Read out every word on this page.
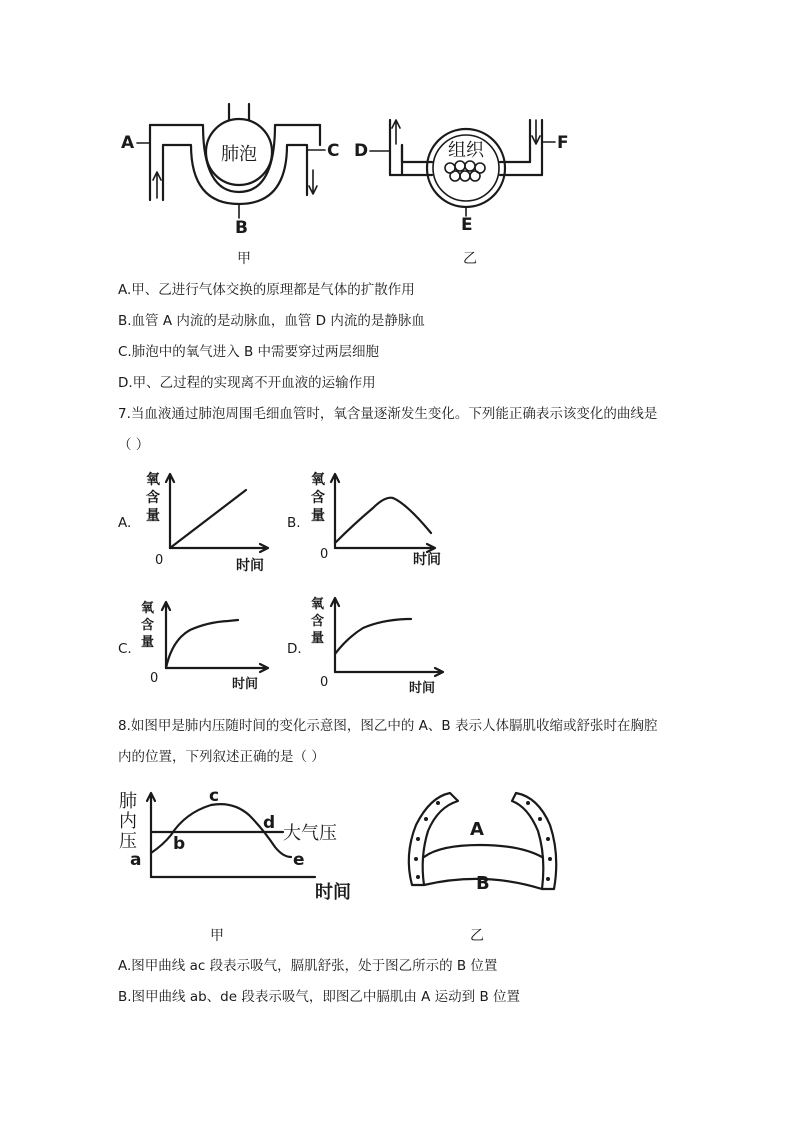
肺泡
A	C
B
组织
D	F
E
甲	乙
A.甲、乙进行气体交换的原理都是气体的扩散作用
B.血管 A 内流的是动脉血，血管 D 内流的是静脉血
C.肺泡中的氧气进入 B 中需要穿过两层细胞
D.甲、乙过程的实现离不开血液的运输作用
7.当血液通过肺泡周围毛细血管时，氧含量逐渐发生变化。下列能正确表示该变化的曲线是
（ ）
A.
氧
含
量
0	时间
B.
氧
含
量
0	时间
C.
氧
含
量
0	时间
D.
氧
含
量
0	时间
8.如图甲是肺内压随时间的变化示意图，图乙中的 A、B 表示人体膈肌收缩或舒张时在胸腔
内的位置，下列叙述正确的是（ ）
肺
内
压
a
b
c
d
e
大气压
时间
A
B
甲	乙
A.图甲曲线 ac 段表示吸气，膈肌舒张，处于图乙所示的 B 位置
B.图甲曲线 ab、de 段表示吸气，即图乙中膈肌由 A 运动到 B 位置
